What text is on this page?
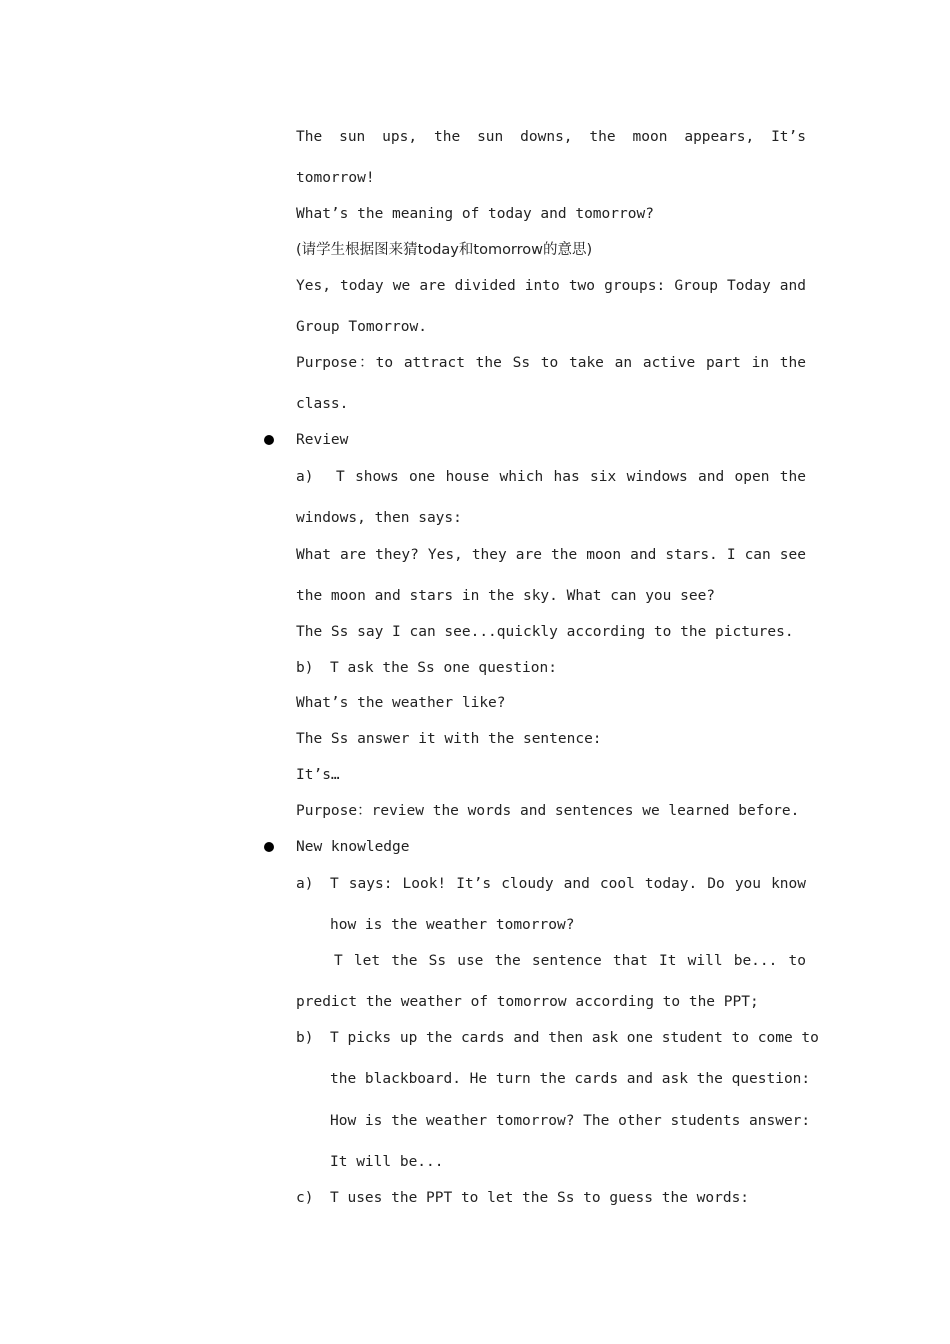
The sun ups, the sun downs, the moon appears, It’s
tomorrow!
What’s the meaning of today and tomorrow?
(请学生根据图来猜today和tomorrow的意思)
Yes, today we are divided into two groups: Group Today and
Group Tomorrow.
Purpose：to attract the Ss to take an active part in the
class.
Review
a)	T shows one house which has six windows and open the
windows, then says:
What are they? Yes, they are the moon and stars. I can see
the moon and stars in the sky. What can you see?
The Ss say I can see...quickly according to the pictures.
b)	T ask the Ss one question:
What’s the weather like?
The Ss answer it with the sentence:
It’s…
Purpose：review the words and sentences we learned before.
New knowledge
a)	T says: Look! It’s cloudy and cool today. Do you know
how is the weather tomorrow?
T let the Ss use the sentence that It will be... to
predict the weather of tomorrow according to the PPT;
b)	T picks up the cards and then ask one student to come to
the blackboard. He turn the cards and ask the question:
How is the weather tomorrow? The other students answer:
It will be...
c)	T uses the PPT to let the Ss to guess the words:
